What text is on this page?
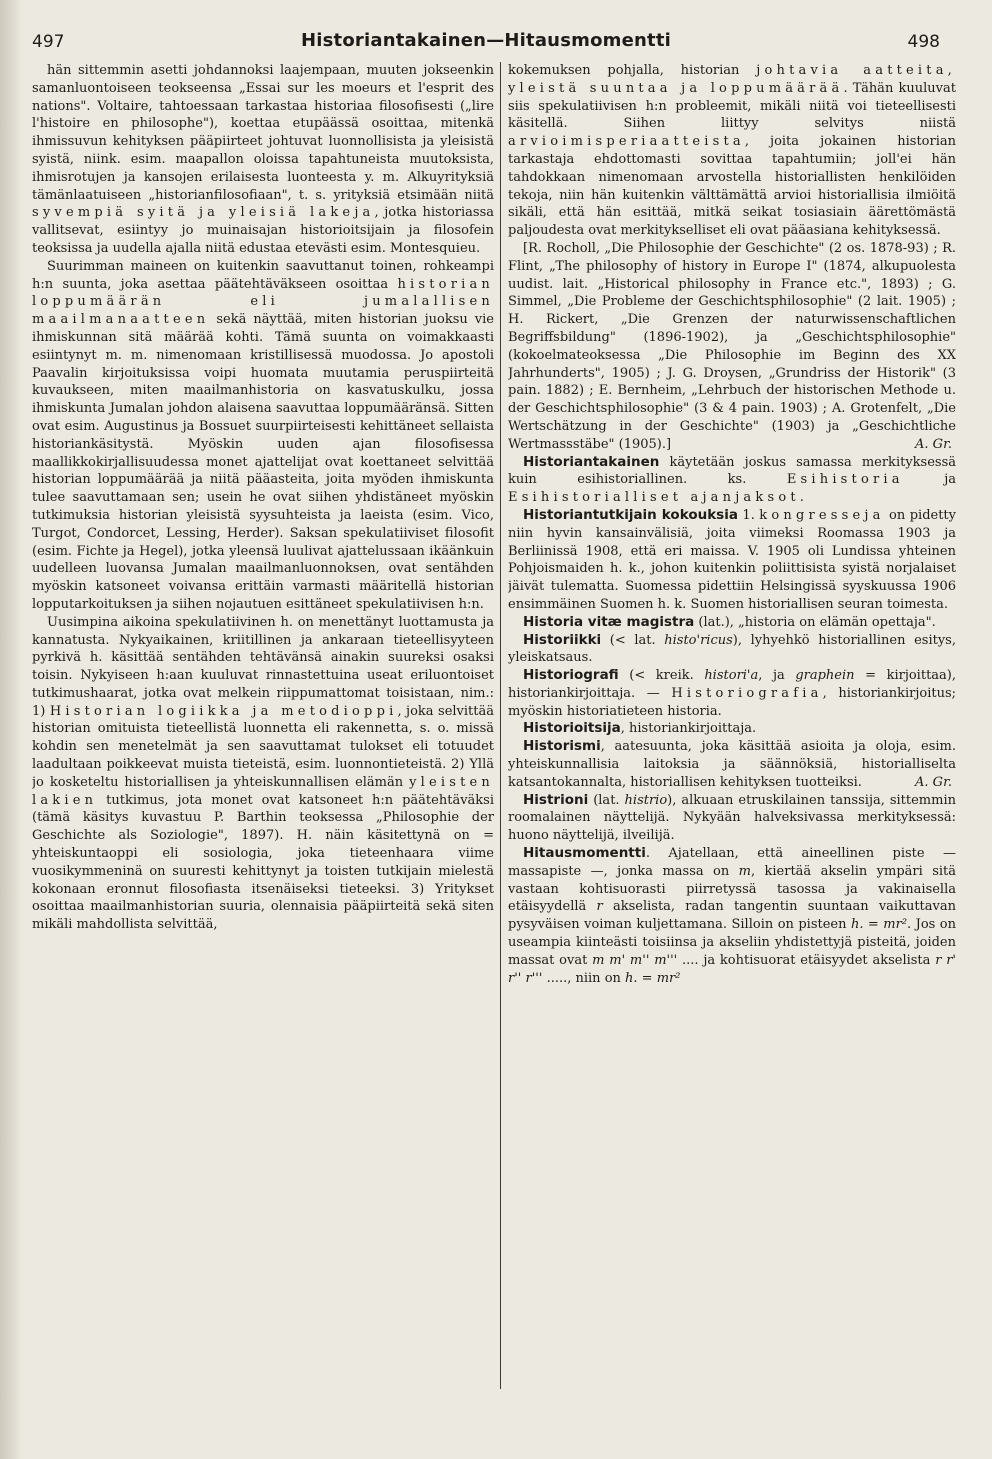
497	Historiantakainen—Hitausmomentti	498

hän sittemmin asetti johdannoksi laajempaan, muuten jokseenkin samanluontoiseen teokseensa „Essai sur les moeurs et l'esprit des nations". Voltaire, tahtoessaan tarkastaa historiaa filosofisesti („lire l'histoire en philosophe"), koettaa etupäässä osoittaa, mitenkä ihmissuvun kehityksen pääpiirteet johtuvat luonnollisista ja yleisistä syistä, niink. esim. maapallon oloissa tapahtuneista muutoksista, ihmisrotujen ja kansojen erilaisesta luonteesta y. m. Alkuyrityksiä tämänlaatuiseen „historianfilosofiaan", t. s. yrityksiä etsimään niitä syvempiä syitä ja yleisiä lakeja, jotka historiassa vallitsevat, esiintyy jo muinaisajan historioitsijain ja filosofein teoksissa ja uudella ajalla niitä edustaa etevästi esim. Montesquieu.

Suurimman maineen on kuitenkin saavuttanut toinen, rohkeampi h:n suunta, joka asettaa päätehtäväkseen osoittaa historian loppumäärän eli jumalallisen maailmanaatteen sekä näyttää, miten historian juoksu vie ihmiskunnan sitä määrää kohti. Tämä suunta on voimakkaasti esiintynyt m. m. nimenomaan kristillisessä muodossa. Jo apostoli Paavalin kirjoituksissa voipi huomata muutamia peruspiirteitä kuvaukseen, miten maailmanhistoria on kasvatuskulku, jossa ihmiskunta Jumalan johdon alaisena saavuttaa loppumääränsä. Sitten ovat esim. Augustinus ja Bossuet suurpiirteisesti kehittäneet sellaista historiankäsitystä. Myöskin uuden ajan filosofisessa maallikkokirjallisuudessa monet ajattelijat ovat koettaneet selvittää historian loppumäärää ja niitä pääasteita, joita myöden ihmiskunta tulee saavuttamaan sen; usein he ovat siihen yhdistäneet myöskin tutkimuksia historian yleisistä syysuhteista ja laeista (esim. Vico, Turgot, Condorcet, Lessing, Herder). Saksan spekulatiiviset filosofit (esim. Fichte ja Hegel), jotka yleensä luulivat ajattelussaan ikäänkuin uudelleen luovansa Jumalan maailmanluonnoksen, ovat sentähden myöskin katsoneet voivansa erittäin varmasti määritellä historian lopputarkoituksen ja siihen nojautuen esittäneet spekulatiivisen h:n.

Uusimpina aikoina spekulatiivinen h. on menettänyt luottamusta ja kannatusta. Nykyaikainen, kriitillinen ja ankaraan tieteellisyyteen pyrkivä h. käsittää sentähden tehtävänsä ainakin suureksi osaksi toisin. Nykyiseen h:aan kuuluvat rinnastettuina useat eriluontoiset tutkimushaarat, jotka ovat melkein riippumattomat toisistaan, nim.: 1) Historian logiikka ja metodioppi, joka selvittää historian omituista tieteellistä luonnetta eli rakennetta, s. o. missä kohdin sen menetelmät ja sen saavuttamat tulokset eli totuudet laadultaan poikkeevat muista tieteistä, esim. luonnontieteistä. 2) Yllä jo kosketeltu historiallisen ja yhteiskunnallisen elämän yleisten lakien tutkimus, jota monet ovat katsoneet h:n päätehtäväksi (tämä käsitys kuvastuu P. Barthin teoksessa „Philosophie der Geschichte als Soziologie", 1897). H. näin käsitettynä on = yhteiskuntaoppi eli sosiologia, joka tieteenhaara viime vuosikymmeninä on suuresti kehittynyt ja toisten tutkijain mielestä kokonaan eronnut filosofiasta itsenäiseksi tieteeksi. 3) Yritykset osoittaa maailmanhistorian suuria, olennaisia pääpiirteitä sekä siten mikäli mahdollista selvittää,

kokemuksen pohjalla, historian johtavia aatteita, yleistä suuntaa ja loppumäärää. Tähän kuuluvat siis spekulatiivisen h:n probleemit, mikäli niitä voi tieteellisesti käsitellä. Siihen liittyy selvitys niistä arvioimisperiaatteista, joita jokainen historian tarkastaja ehdottomasti sovittaa tapahtumiin; joll'ei hän tahdokkaan nimenomaan arvostella historiallisten henkilöiden tekoja, niin hän kuitenkin välttämättä arvioi historiallisia ilmiöitä sikäli, että hän esittää, mitkä seikat tosiasiain äärettömästä paljoudesta ovat merkitykselliset eli ovat pääasiana kehityksessä.

[R. Rocholl, „Die Philosophie der Geschichte" (2 os. 1878-93) ; R. Flint, „The philosophy of history in Europe I" (1874, alkupuolesta uudist. lait. „Historical philosophy in France etc.", 1893) ; G. Simmel, „Die Probleme der Geschichtsphilosophie" (2 lait. 1905) ; H. Rickert, „Die Grenzen der naturwissenschaftlichen Begriffsbildung" (1896-1902), ja „Geschichtsphilosophie" (kokoelmateoksessa „Die Philosophie im Beginn des XX Jahrhunderts", 1905) ; J. G. Droysen, „Grundriss der Historik" (3 pain. 1882) ; E. Bernheim, „Lehrbuch der historischen Methode u. der Geschichtsphilosophie" (3 & 4 pain. 1903) ; A. Grotenfelt, „Die Wertschätzung in der Geschichte" (1903) ja „Geschichtliche Wertmassstäbe" (1905).]	A. Gr.

Historiantakainen käytetään joskus samassa merkityksessä kuin esihistoriallinen. ks. Esihistoria ja Esihistorialliset ajanjaksot.

Historiantutkijain kokouksia 1. kongressejа on pidetty niin hyvin kansainvälisiä, joita viimeksi Roomassa 1903 ja Berliinissä 1908, että eri maissa. V. 1905 oli Lundissa yhteinen Pohjoismaiden h. k., johon kuitenkin poliittisista syistä norjalaiset jäivät tulematta. Suomessa pidettiin Helsingissä syyskuussa 1906 ensimmäinen Suomen h. k. Suomen historiallisen seuran toimesta.

Historia vitæ magistra (lat.), „historia on elämän opettaja".

Historiikki (< lat. histo'ricus), lyhyehkö historiallinen esitys, yleiskatsaus.

Historiografi (< kreik. histori'a, ja graphein = kirjoittaa), historiankirjoittaja. — Historiografia, historiankirjoitus; myöskin historiatieteen historia.

Historioitsija, historiankirjoittaja.

Historismi, aatesuunta, joka käsittää asioita ja oloja, esim. yhteiskunnallisia laitoksia ja säännöksiä, historialliselta katsantokannalta, historiallisen kehityksen tuotteiksi.	A. Gr.

Histrioni (lat. histrio), alkuaan etruskilainen tanssija, sittemmin roomalainen näyttelijä. Nykyään halveksivassa merkityksessä: huono näyttelijä, ilveilijä.

Hitausmomentti. Ajatellaan, että aineellinen piste — massapiste —, jonka massa on m, kiertää akselin ympäri sitä vastaan kohtisuorasti piirretyssä tasossa ja vakinaisella etäisyydellä r akselista, radan tangentin suuntaan vaikuttavan pysyväisen voiman kuljettamana. Silloin on pisteen h. = mr². Jos on useampia kiinteästi toisiinsa ja akseliin yhdistettyjä pisteitä, joiden massat ovat m m' m'' m''' .... ja kohtisuorat etäisyydet akselista r r' r'' r''' ....., niin on h. = mr²
